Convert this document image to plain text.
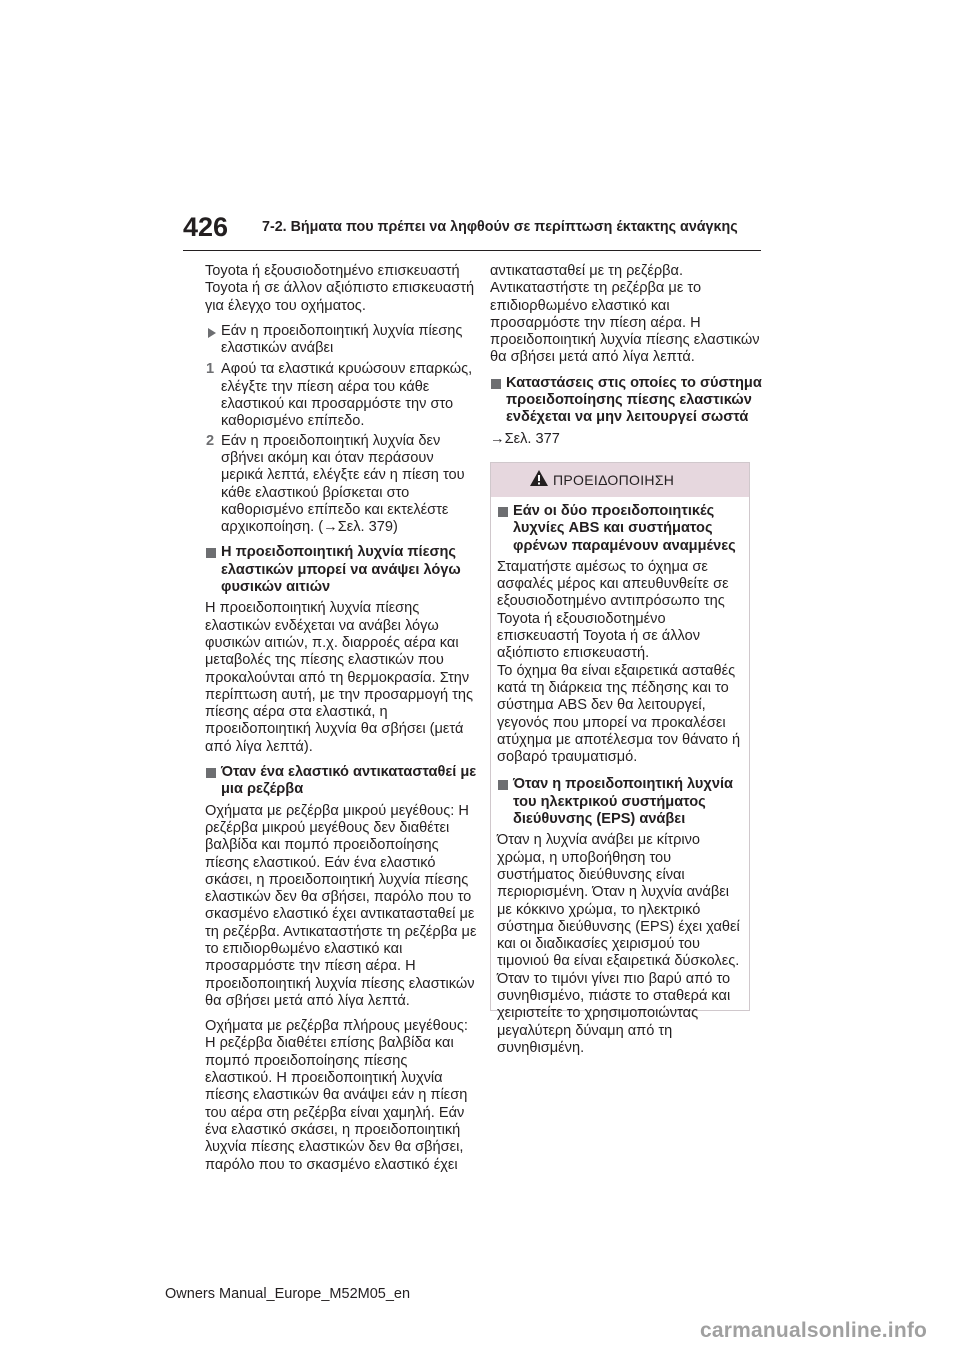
426 7-2. Βήματα που πρέπει να ληφθούν σε περίπτωση έκτακτης ανάγκης

Toyota ή εξουσιοδοτημένο επισκευαστή Toyota ή σε άλλον αξιόπιστο επισκευαστή για έλεγχο του οχήματος.

Εάν η προειδοποιητική λυχνία πίεσης ελαστικών ανάβει
1 Αφού τα ελαστικά κρυώσουν επαρκώς, ελέγξτε την πίεση αέρα του κάθε ελαστικού και προσαρμόστε την στο καθορισμένο επίπεδο.
2 Εάν η προειδοποιητική λυχνία δεν σβήνει ακόμη και όταν περάσουν μερικά λεπτά, ελέγξτε εάν η πίεση του κάθε ελαστικού βρίσκεται στο καθορισμένο επίπεδο και εκτελέστε αρχικοποίηση. (→Σελ. 379)
Η προειδοποιητική λυχνία πίεσης ελαστικών μπορεί να ανάψει λόγω φυσικών αιτιών

Η προειδοποιητική λυχνία πίεσης ελαστικών ενδέχεται να ανάβει λόγω φυσικών αιτιών, π.χ. διαρροές αέρα και μεταβολές της πίεσης ελαστικών που προκαλούνται από τη θερμοκρασία. Στην περίπτωση αυτή, με την προσαρμογή της πίεσης αέρα στα ελαστικά, η προειδοποιητική λυχνία θα σβήσει (μετά από λίγα λεπτά).

Όταν ένα ελαστικό αντικατασταθεί με μια ρεζέρβα

Οχήματα με ρεζέρβα μικρού μεγέθους: Η ρεζέρβα μικρού μεγέθους δεν διαθέτει βαλβίδα και πομπό προειδοποίησης πίεσης ελαστικού. Εάν ένα ελαστικό σκάσει, η προειδοποιητική λυχνία πίεσης ελαστικών δεν θα σβήσει, παρόλο που το σκασμένο ελαστικό έχει αντικατασταθεί με τη ρεζέρβα. Αντικαταστήστε τη ρεζέρβα με το επιδιορθωμένο ελαστικό και προσαρμόστε την πίεση αέρα. Η προειδοποιητική λυχνία πίεσης ελαστικών θα σβήσει μετά από λίγα λεπτά.

Οχήματα με ρεζέρβα πλήρους μεγέθους: Η ρεζέρβα διαθέτει επίσης βαλβίδα και πομπό προειδοποίησης πίεσης ελαστικού. Η προειδοποιητική λυχνία πίεσης ελαστικών θα ανάψει εάν η πίεση του αέρα στη ρεζέρβα είναι χαμηλή. Εάν ένα ελαστικό σκάσει, η προειδοποιητική λυχνία πίεσης ελαστικών δεν θα σβήσει, παρόλο που το σκασμένο ελαστικό έχει

αντικατασταθεί με τη ρεζέρβα. Αντικαταστήστε τη ρεζέρβα με το επιδιορθωμένο ελαστικό και προσαρμόστε την πίεση αέρα. Η προειδοποιητική λυχνία πίεσης ελαστικών θα σβήσει μετά από λίγα λεπτά.

Καταστάσεις στις οποίες το σύστημα προειδοποίησης πίεσης ελαστικών ενδέχεται να μην λειτουργεί σωστά

→Σελ. 377

ΠΡΟΕΙΔΟΠΟΙΗΣΗ
Εάν οι δύο προειδοποιητικές λυχνίες ABS και συστήματος φρένων παραμένουν αναμμένες

Σταματήστε αμέσως το όχημα σε ασφαλές μέρος και απευθυνθείτε σε εξουσιοδοτημένο αντιπρόσωπο της Toyota ή εξουσιοδοτημένο επισκευαστή Toyota ή σε άλλον αξιόπιστο επισκευαστή.
Το όχημα θα είναι εξαιρετικά ασταθές κατά τη διάρκεια της πέδησης και το σύστημα ABS δεν θα λειτουργεί, γεγονός που μπορεί να προκαλέσει ατύχημα με αποτέλεσμα τον θάνατο ή σοβαρό τραυματισμό.

Όταν η προειδοποιητική λυχνία του ηλεκτρικού συστήματος διεύθυνσης (EPS) ανάβει

Όταν η λυχνία ανάβει με κίτρινο χρώμα, η υποβοήθηση του συστήματος διεύθυνσης είναι περιορισμένη. Όταν η λυχνία ανάβει με κόκκινο χρώμα, το ηλεκτρικό σύστημα διεύθυνσης (EPS) έχει χαθεί και οι διαδικασίες χειρισμού του τιμονιού θα είναι εξαιρετικά δύσκολες.
Όταν το τιμόνι γίνει πιο βαρύ από το συνηθισμένο, πιάστε το σταθερά και χειριστείτε το χρησιμοποιώντας μεγαλύτερη δύναμη από τη συνηθισμένη.

Owners Manual_Europe_M52M05_en
carmanualsonline.info
